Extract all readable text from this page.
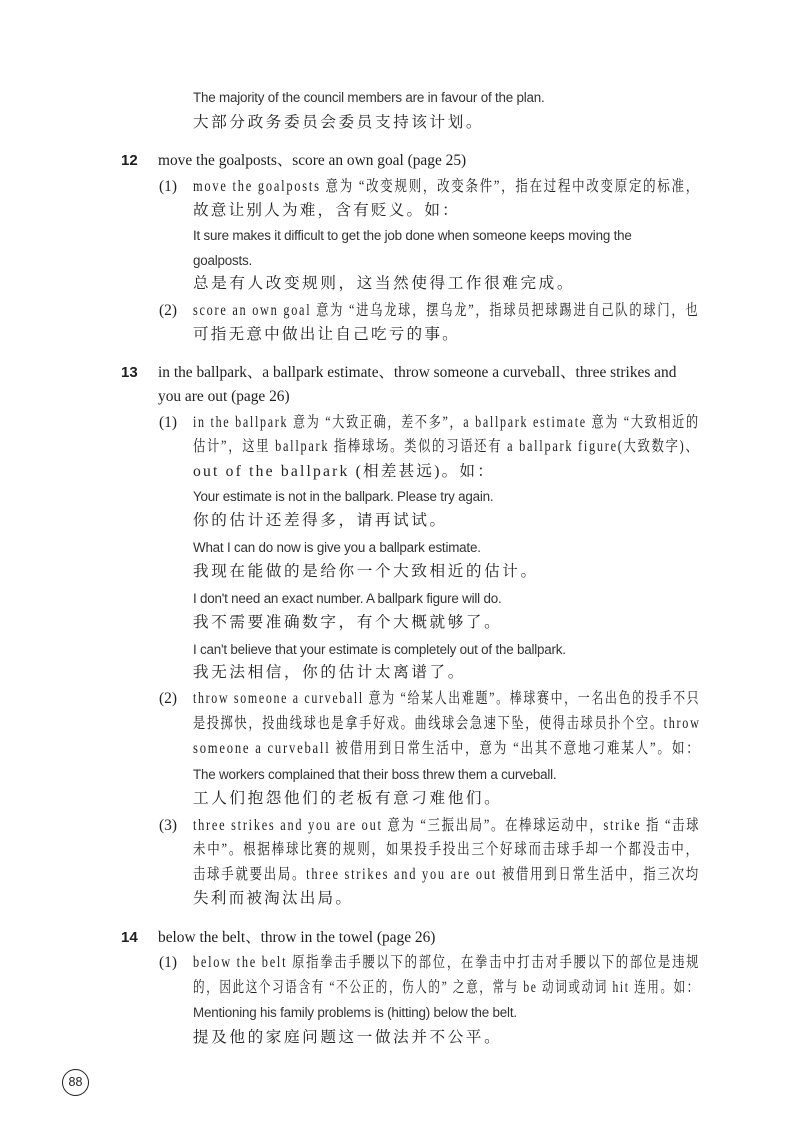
The majority of the council members are in favour of the plan.

大部分政务委员会委员支持该计划。

12 move the goalposts、score an own goal (page 25)

(1) move the goalposts 意为 “改变规则，改变条件”，指在过程中改变原定的标准，

故意让别人为难，含有贬义。如：

It sure makes it difficult to get the job done when someone keeps moving the

goalposts.

总是有人改变规则，这当然使得工作很难完成。

(2) score an own goal 意为 “进乌龙球，摆乌龙”，指球员把球踢进自己队的球门，也

可指无意中做出让自己吃亏的事。

13 in the ballpark、a ballpark estimate、throw someone a curveball、three strikes and

you are out (page 26)

(1) in the ballpark 意为 “大致正确，差不多”，a ballpark estimate 意为 “大致相近的

估计”，这里 ballpark 指棒球场。类似的习语还有 a ballpark figure(大致数字)、

out of the ballpark (相差甚远)。如：

Your estimate is not in the ballpark. Please try again.

你的估计还差得多，请再试试。

What I can do now is give you a ballpark estimate.

我现在能做的是给你一个大致相近的估计。

I don't need an exact number. A ballpark figure will do.

我不需要准确数字，有个大概就够了。

I can't believe that your estimate is completely out of the ballpark.

我无法相信，你的估计太离谱了。

(2) throw someone a curveball 意为 “给某人出难题”。棒球赛中，一名出色的投手不只

是投掷快，投曲线球也是拿手好戏。曲线球会急速下坠，使得击球员扑个空。throw

someone a curveball 被借用到日常生活中，意为 “出其不意地刁难某人”。如：

The workers complained that their boss threw them a curveball.

工人们抱怨他们的老板有意刁难他们。

(3) three strikes and you are out 意为 “三振出局”。在棒球运动中，strike 指 “击球

未中”。根据棒球比赛的规则，如果投手投出三个好球而击球手却一个都没击中，

击球手就要出局。three strikes and you are out 被借用到日常生活中，指三次均

失利而被淘汰出局。

14 below the belt、throw in the towel (page 26)

(1) below the belt 原指拳击手腰以下的部位，在拳击中打击对手腰以下的部位是违规

的，因此这个习语含有 “不公正的，伤人的” 之意，常与 be 动词或动词 hit 连用。如：

Mentioning his family problems is (hitting) below the belt.

提及他的家庭问题这一做法并不公平。

88
